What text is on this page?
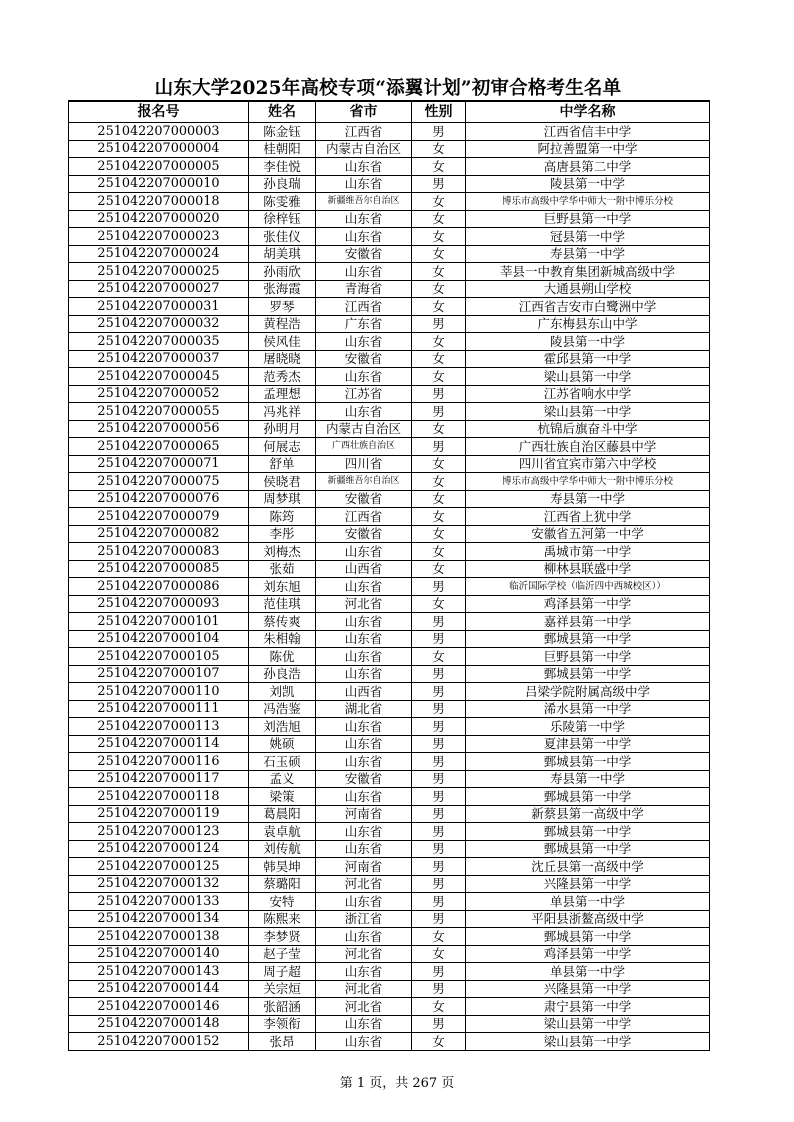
山东大学2025年高校专项“添翼计划”初审合格考生名单
报名号	姓名	省市	性别	中学名称
251042207000003	陈金钰	江西省	男	江西省信丰中学
251042207000004	桂朝阳	内蒙古自治区	女	阿拉善盟第一中学
251042207000005	李佳悦	山东省	女	高唐县第二中学
251042207000010	孙良瑞	山东省	男	陵县第一中学
251042207000018	陈雯雅	新疆维吾尔自治区	女	博乐市高级中学华中师大一附中博乐分校
251042207000020	徐梓钰	山东省	女	巨野县第一中学
251042207000023	张佳仪	山东省	女	冠县第一中学
251042207000024	胡美琪	安徽省	女	寿县第一中学
251042207000025	孙雨欣	山东省	女	莘县一中教育集团新城高级中学
251042207000027	张海霞	青海省	女	大通县朔山学校
251042207000031	罗琴	江西省	女	江西省吉安市白鹭洲中学
251042207000032	黄程浩	广东省	男	广东梅县东山中学
251042207000035	侯风佳	山东省	女	陵县第一中学
251042207000037	屠晓晓	安徽省	女	霍邱县第一中学
251042207000045	范秀杰	山东省	女	梁山县第一中学
251042207000052	孟理想	江苏省	男	江苏省响水中学
251042207000055	冯兆祥	山东省	男	梁山县第一中学
251042207000056	孙明月	内蒙古自治区	女	杭锦后旗奋斗中学
251042207000065	何展志	广西壮族自治区	男	广西壮族自治区藤县中学
251042207000071	舒单	四川省	女	四川省宜宾市第六中学校
251042207000075	侯晓君	新疆维吾尔自治区	女	博乐市高级中学华中师大一附中博乐分校
251042207000076	周梦琪	安徽省	女	寿县第一中学
251042207000079	陈筠	江西省	女	江西省上犹中学
251042207000082	李彤	安徽省	女	安徽省五河第一中学
251042207000083	刘梅杰	山东省	女	禹城市第一中学
251042207000085	张茹	山西省	女	柳林县联盛中学
251042207000086	刘东旭	山东省	男	临沂国际学校（临沂四中西城校区））
251042207000093	范佳琪	河北省	女	鸡泽县第一中学
251042207000101	蔡传爽	山东省	男	嘉祥县第一中学
251042207000104	朱相翰	山东省	男	鄄城县第一中学
251042207000105	陈优	山东省	女	巨野县第一中学
251042207000107	孙良浩	山东省	男	鄄城县第一中学
251042207000110	刘凯	山西省	男	吕梁学院附属高级中学
251042207000111	冯浩鉴	湖北省	男	浠水县第一中学
251042207000113	刘浩旭	山东省	男	乐陵第一中学
251042207000114	姚硕	山东省	男	夏津县第一中学
251042207000116	石玉硕	山东省	男	鄄城县第一中学
251042207000117	孟义	安徽省	男	寿县第一中学
251042207000118	梁策	山东省	男	鄄城县第一中学
251042207000119	葛晨阳	河南省	男	新蔡县第一高级中学
251042207000123	袁卓航	山东省	男	鄄城县第一中学
251042207000124	刘传航	山东省	男	鄄城县第一中学
251042207000125	韩昊坤	河南省	男	沈丘县第一高级中学
251042207000132	蔡璐阳	河北省	男	兴隆县第一中学
251042207000133	安特	山东省	男	单县第一中学
251042207000134	陈熙来	浙江省	男	平阳县浙鳌高级中学
251042207000138	李梦贤	山东省	女	鄄城县第一中学
251042207000140	赵子莹	河北省	女	鸡泽县第一中学
251042207000143	周子超	山东省	男	单县第一中学
251042207000144	关宗烜	河北省	男	兴隆县第一中学
251042207000146	张韶涵	河北省	女	肃宁县第一中学
251042207000148	李领衔	山东省	男	梁山县第一中学
251042207000152	张昂	山东省	女	梁山县第一中学
第 1 页，共 267 页
